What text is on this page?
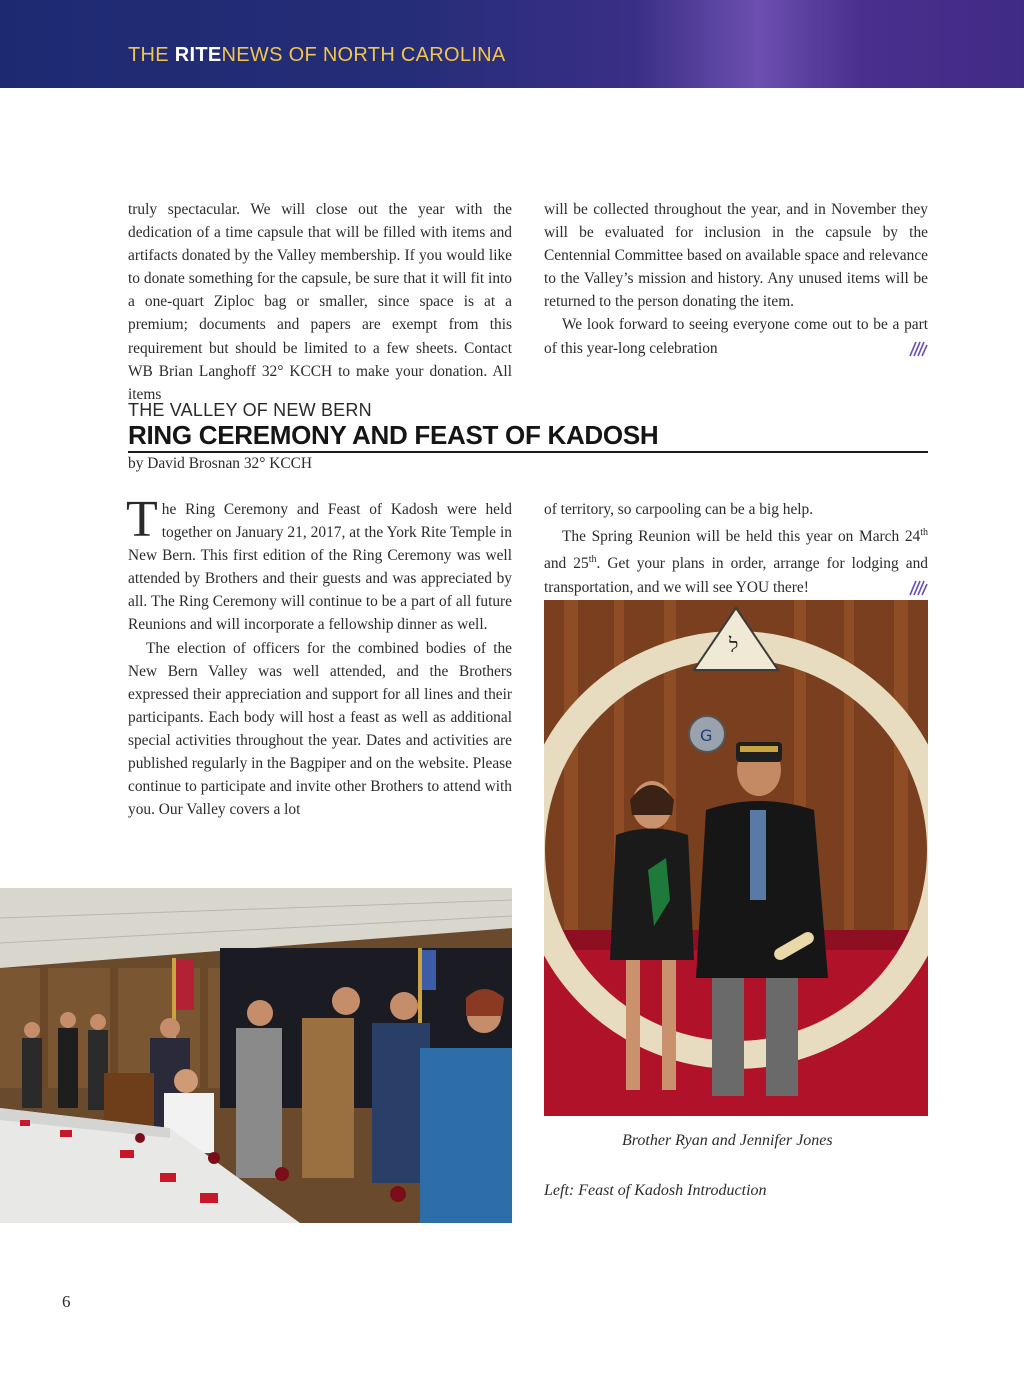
THE RITENEWS OF NORTH CAROLINA

truly spectacular. We will close out the year with the dedication of a time capsule that will be filled with items and artifacts donated by the Valley membership. If you would like to donate something for the capsule, be sure that it will fit into a one-quart Ziploc bag or smaller, since space is at a premium; documents and papers are exempt from this requirement but should be limited to a few sheets. Contact WB Brian Langhoff 32° KCCH to make your donation. All items

will be collected throughout the year, and in November they will be evaluated for inclusion in the capsule by the Centennial Committee based on available space and relevance to the Valley’s mission and history. Any unused items will be returned to the person donating the item.

We look forward to seeing everyone come out to be a part of this year-long celebration

THE VALLEY OF NEW BERN
RING CEREMONY AND FEAST OF KADOSH
by David Brosnan 32° KCCH

The Ring Ceremony and Feast of Kadosh were held together on January 21, 2017, at the York Rite Temple in New Bern. This first edition of the Ring Ceremony was well attended by Brothers and their guests and was appreciated by all. The Ring Ceremony will continue to be a part of all future Reunions and will incorporate a fellowship dinner as well.

The election of officers for the combined bodies of the New Bern Valley was well attended, and the Brothers expressed their appreciation and support for all lines and their participants. Each body will host a feast as well as additional special activities throughout the year. Dates and activities are published regularly in the Bagpiper and on the website. Please continue to participate and invite other Brothers to attend with you. Our Valley covers a lot

of territory, so carpooling can be a big help.

The Spring Reunion will be held this year on March 24th and 25th. Get your plans in order, arrange for lodging and transportation, and we will see YOU there!

ל
G
Brother Ryan and Jennifer Jones
Left: Feast of Kadosh Introduction
6
